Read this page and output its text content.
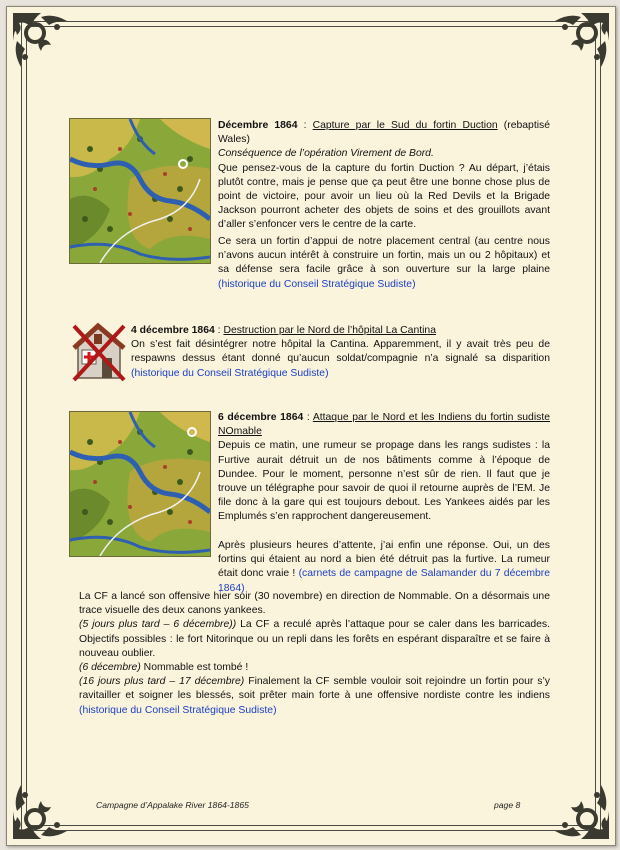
Décembre 1864 : Capture par le Sud du fortin Duction (rebaptisé Wales)

Conséquence de l’opération Virement de Bord.

Que pensez-vous de la capture du fortin Duction ? Au départ, j’étais plutôt contre, mais je pense que ça peut être une bonne chose plus de point de victoire, pour avoir un lieu où la Red Devils et la Brigade Jackson pourront acheter des objets de soins et des grouillots avant d’aller s’enfoncer vers le centre de la carte.

Ce sera un fortin d’appui de notre placement central (au centre nous n’avons aucun intérêt à construire un fortin, mais un ou 2 hôpitaux) et sa défense sera facile grâce à son ouverture sur la large plaine (historique du Conseil Stratégique Sudiste)

4 décembre 1864 : Destruction par le Nord de l’hôpital La Cantina

On s’est fait désintégrer notre hôpital la Cantina. Apparemment, il y avait très peu de respawns dessus étant donné qu’aucun soldat/compagnie n’a signalé sa disparition (historique du Conseil Stratégique Sudiste)

6 décembre 1864 : Attaque par le Nord et les Indiens du fortin sudiste NOmable

Depuis ce matin, une rumeur se propage dans les rangs sudistes : la Furtive aurait détruit un de nos bâtiments comme à l’époque de Dundee. Pour le moment, personne n’est sûr de rien. Il faut que je trouve un télégraphe pour savoir de quoi il retourne auprès de l’EM. Je file donc à la gare qui est toujours debout. Les Yankees aidés par les Emplumés s’en rapprochent dangereusement.

Après plusieurs heures d’attente, j’ai enfin une réponse. Oui, un des fortins qui étaient au nord a bien été détruit pas la furtive. La rumeur était donc vraie ! (carnets de campagne de Salamander du 7 décembre 1864)

La CF a lancé son offensive hier soir (30 novembre) en direction de Nommable. On a désormais une trace visuelle des deux canons yankees.

(5 jours plus tard – 6 décembre)) La CF a reculé après l’attaque pour se caler dans les barricades. Objectifs possibles : le fort Nitorinque ou un repli dans les forêts en espérant disparaître et se faire à nouveau oublier.

(6 décembre) Nommable est tombé !

(16 jours plus tard – 17 décembre) Finalement la CF semble vouloir soit rejoindre un fortin pour s’y ravitailler et soigner les blessés, soit prêter main forte à une offensive nordiste contre les indiens (historique du Conseil Stratégique Sudiste)

Campagne d’Appalake River 1864-1865	page 8
